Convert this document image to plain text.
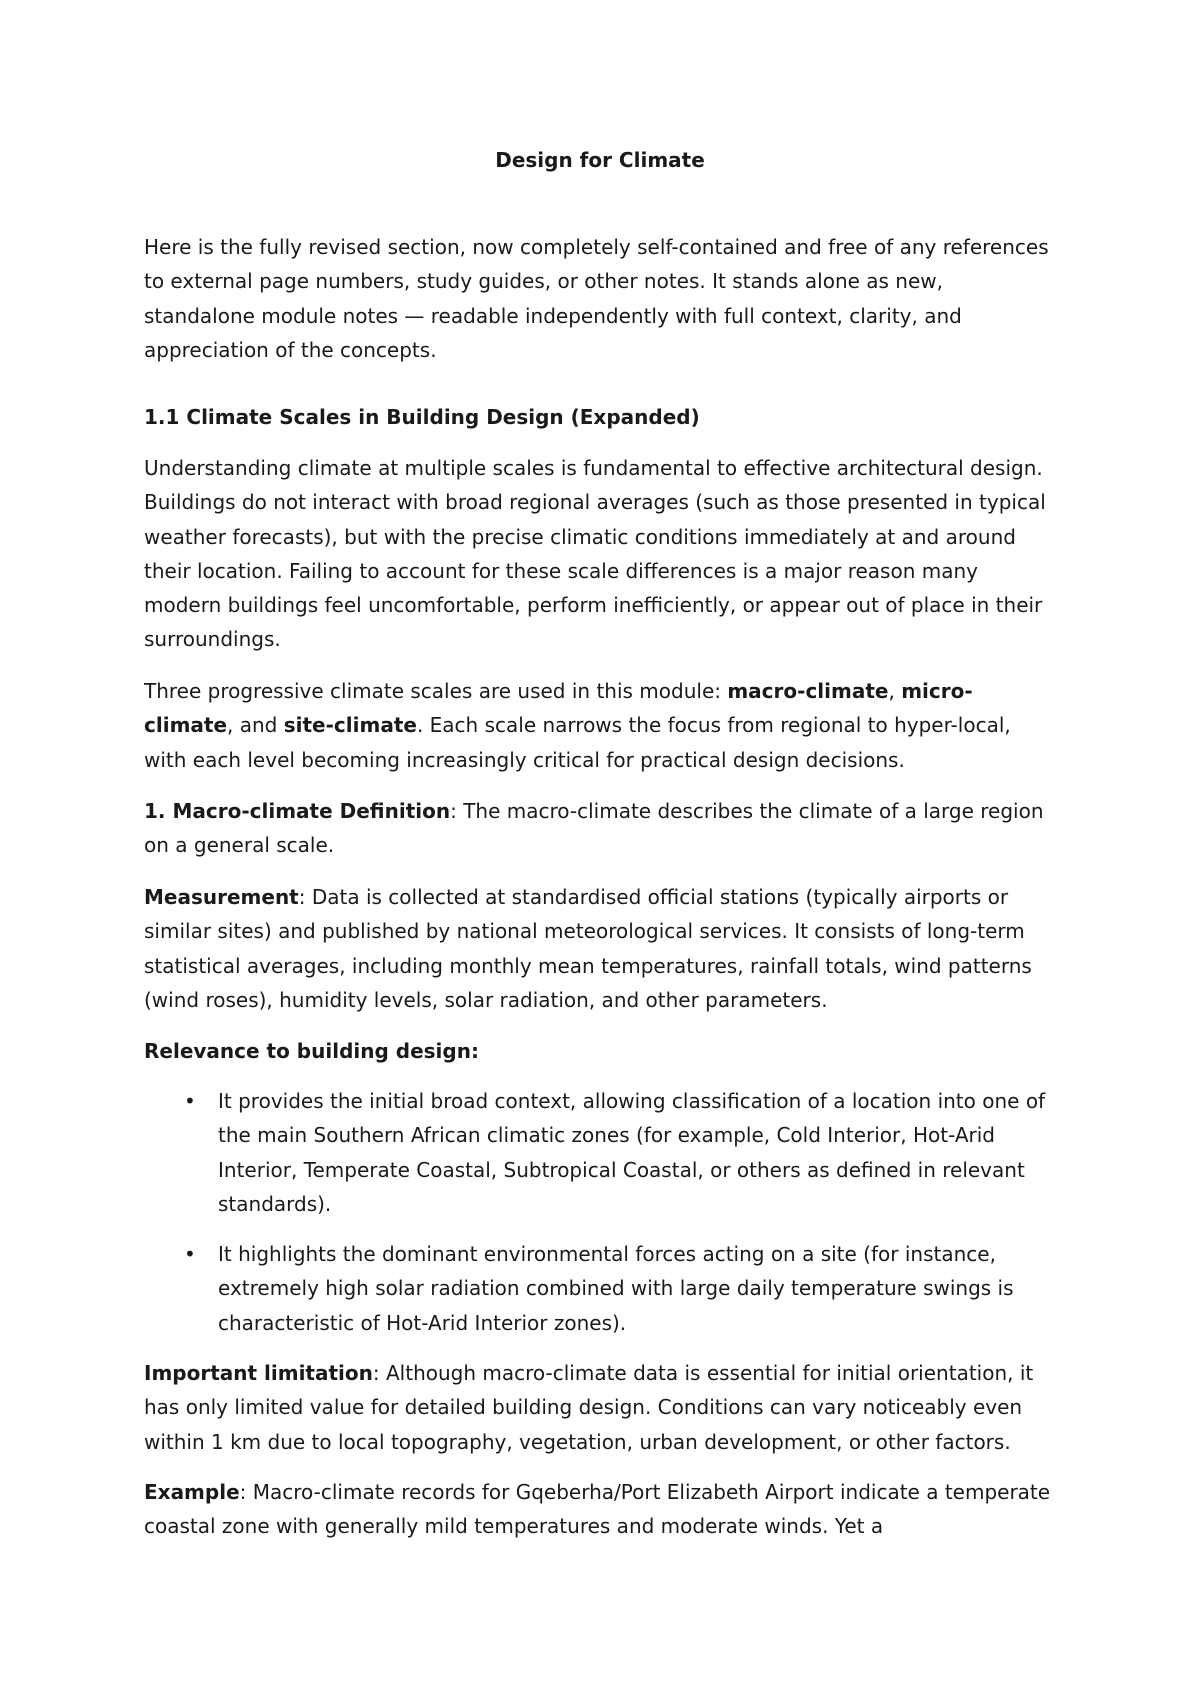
Design for Climate

Here is the fully revised section, now completely self-contained and free of any references to external page numbers, study guides, or other notes. It stands alone as new, standalone module notes — readable independently with full context, clarity, and appreciation of the concepts.

1.1 Climate Scales in Building Design (Expanded)

Understanding climate at multiple scales is fundamental to effective architectural design. Buildings do not interact with broad regional averages (such as those presented in typical weather forecasts), but with the precise climatic conditions immediately at and around their location. Failing to account for these scale differences is a major reason many modern buildings feel uncomfortable, perform inefficiently, or appear out of place in their surroundings.

Three progressive climate scales are used in this module: macro-climate, micro-climate, and site-climate. Each scale narrows the focus from regional to hyper-local, with each level becoming increasingly critical for practical design decisions.

1. Macro-climate Definition: The macro-climate describes the climate of a large region on a general scale.

Measurement: Data is collected at standardised official stations (typically airports or similar sites) and published by national meteorological services. It consists of long-term statistical averages, including monthly mean temperatures, rainfall totals, wind patterns (wind roses), humidity levels, solar radiation, and other parameters.

Relevance to building design:

• It provides the initial broad context, allowing classification of a location into one of the main Southern African climatic zones (for example, Cold Interior, Hot-Arid Interior, Temperate Coastal, Subtropical Coastal, or others as defined in relevant standards).
• It highlights the dominant environmental forces acting on a site (for instance, extremely high solar radiation combined with large daily temperature swings is characteristic of Hot-Arid Interior zones).

Important limitation: Although macro-climate data is essential for initial orientation, it has only limited value for detailed building design. Conditions can vary noticeably even within 1 km due to local topography, vegetation, urban development, or other factors.

Example: Macro-climate records for Gqeberha/Port Elizabeth Airport indicate a temperate coastal zone with generally mild temperatures and moderate winds. Yet a
